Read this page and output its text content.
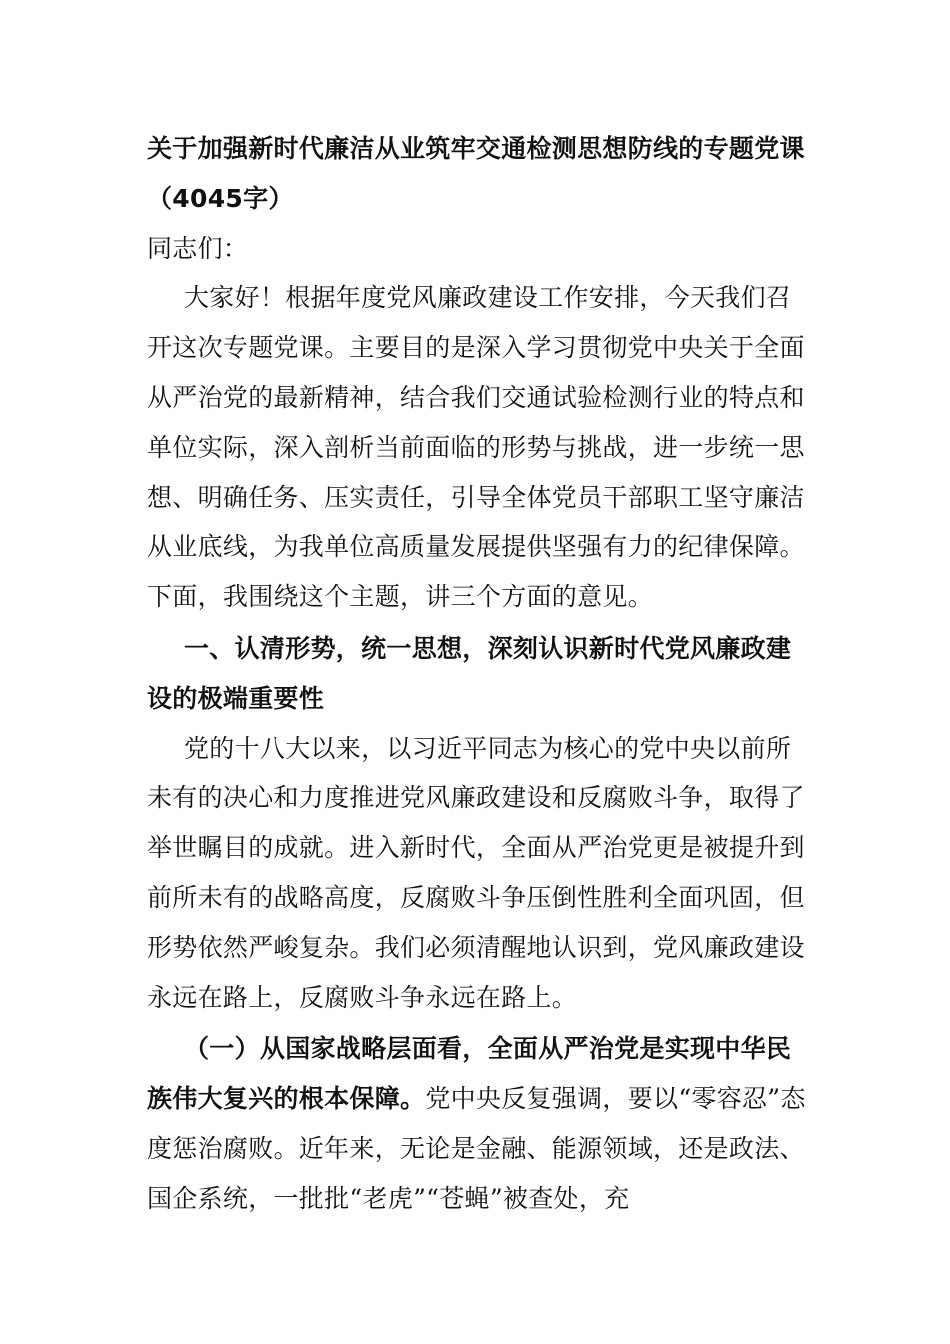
关于加强新时代廉洁从业筑牢交通检测思想防线的专题党课（4045字）

同志们：

大家好！根据年度党风廉政建设工作安排，今天我们召开这次专题党课。主要目的是深入学习贯彻党中央关于全面从严治党的最新精神，结合我们交通试验检测行业的特点和单位实际，深入剖析当前面临的形势与挑战，进一步统一思想、明确任务、压实责任，引导全体党员干部职工坚守廉洁从业底线，为我单位高质量发展提供坚强有力的纪律保障。下面，我围绕这个主题，讲三个方面的意见。

一、认清形势，统一思想，深刻认识新时代党风廉政建设的极端重要性

党的十八大以来，以习近平同志为核心的党中央以前所未有的决心和力度推进党风廉政建设和反腐败斗争，取得了举世瞩目的成就。进入新时代，全面从严治党更是被提升到前所未有的战略高度，反腐败斗争压倒性胜利全面巩固，但形势依然严峻复杂。我们必须清醒地认识到，党风廉政建设永远在路上，反腐败斗争永远在路上。

（一）从国家战略层面看，全面从严治党是实现中华民族伟大复兴的根本保障。党中央反复强调，要以“零容忍”态度惩治腐败。近年来，无论是金融、能源领域，还是政法、国企系统，一批批“老虎”“苍蝇”被查处，充
